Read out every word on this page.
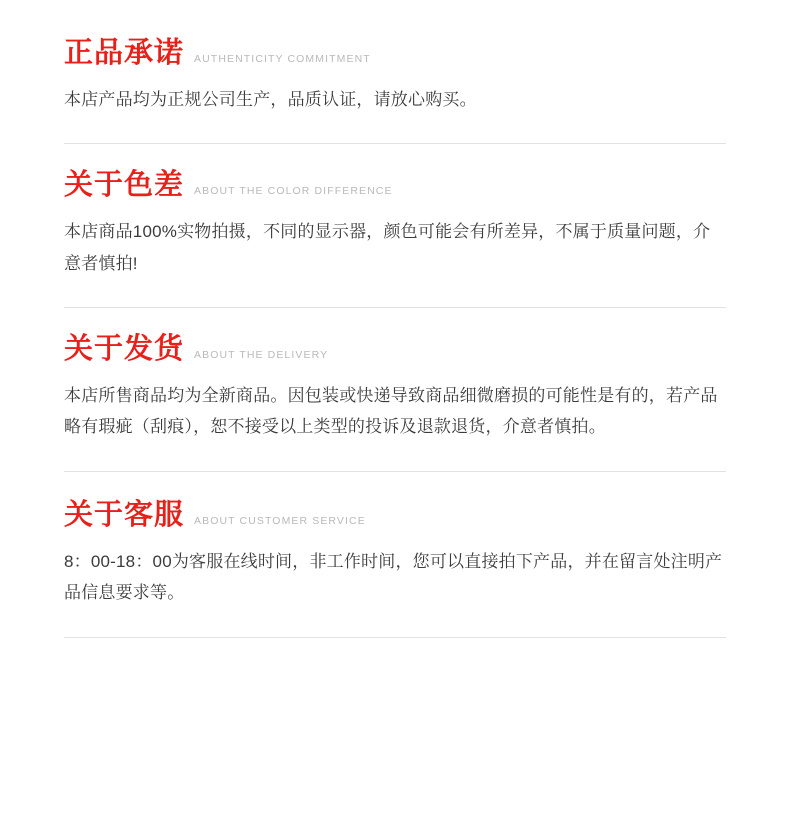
正品承诺 AUTHENTICITY COMMITMENT
本店产品均为正规公司生产，品质认证，请放心购买。
关于色差 ABOUT THE COLOR DIFFERENCE
本店商品100%实物拍摄，不同的显示器，颜色可能会有所差异，不属于质量问题，介意者慎拍!
关于发货 ABOUT THE DELIVERY
本店所售商品均为全新商品。因包装或快递导致商品细微磨损的可能性是有的，若产品略有瑕疵（刮痕），恕不接受以上类型的投诉及退款退货，介意者慎拍。
关于客服 ABOUT CUSTOMER SERVICE
8：00-18：00为客服在线时间，非工作时间，您可以直接拍下产品，并在留言处注明产品信息要求等。
